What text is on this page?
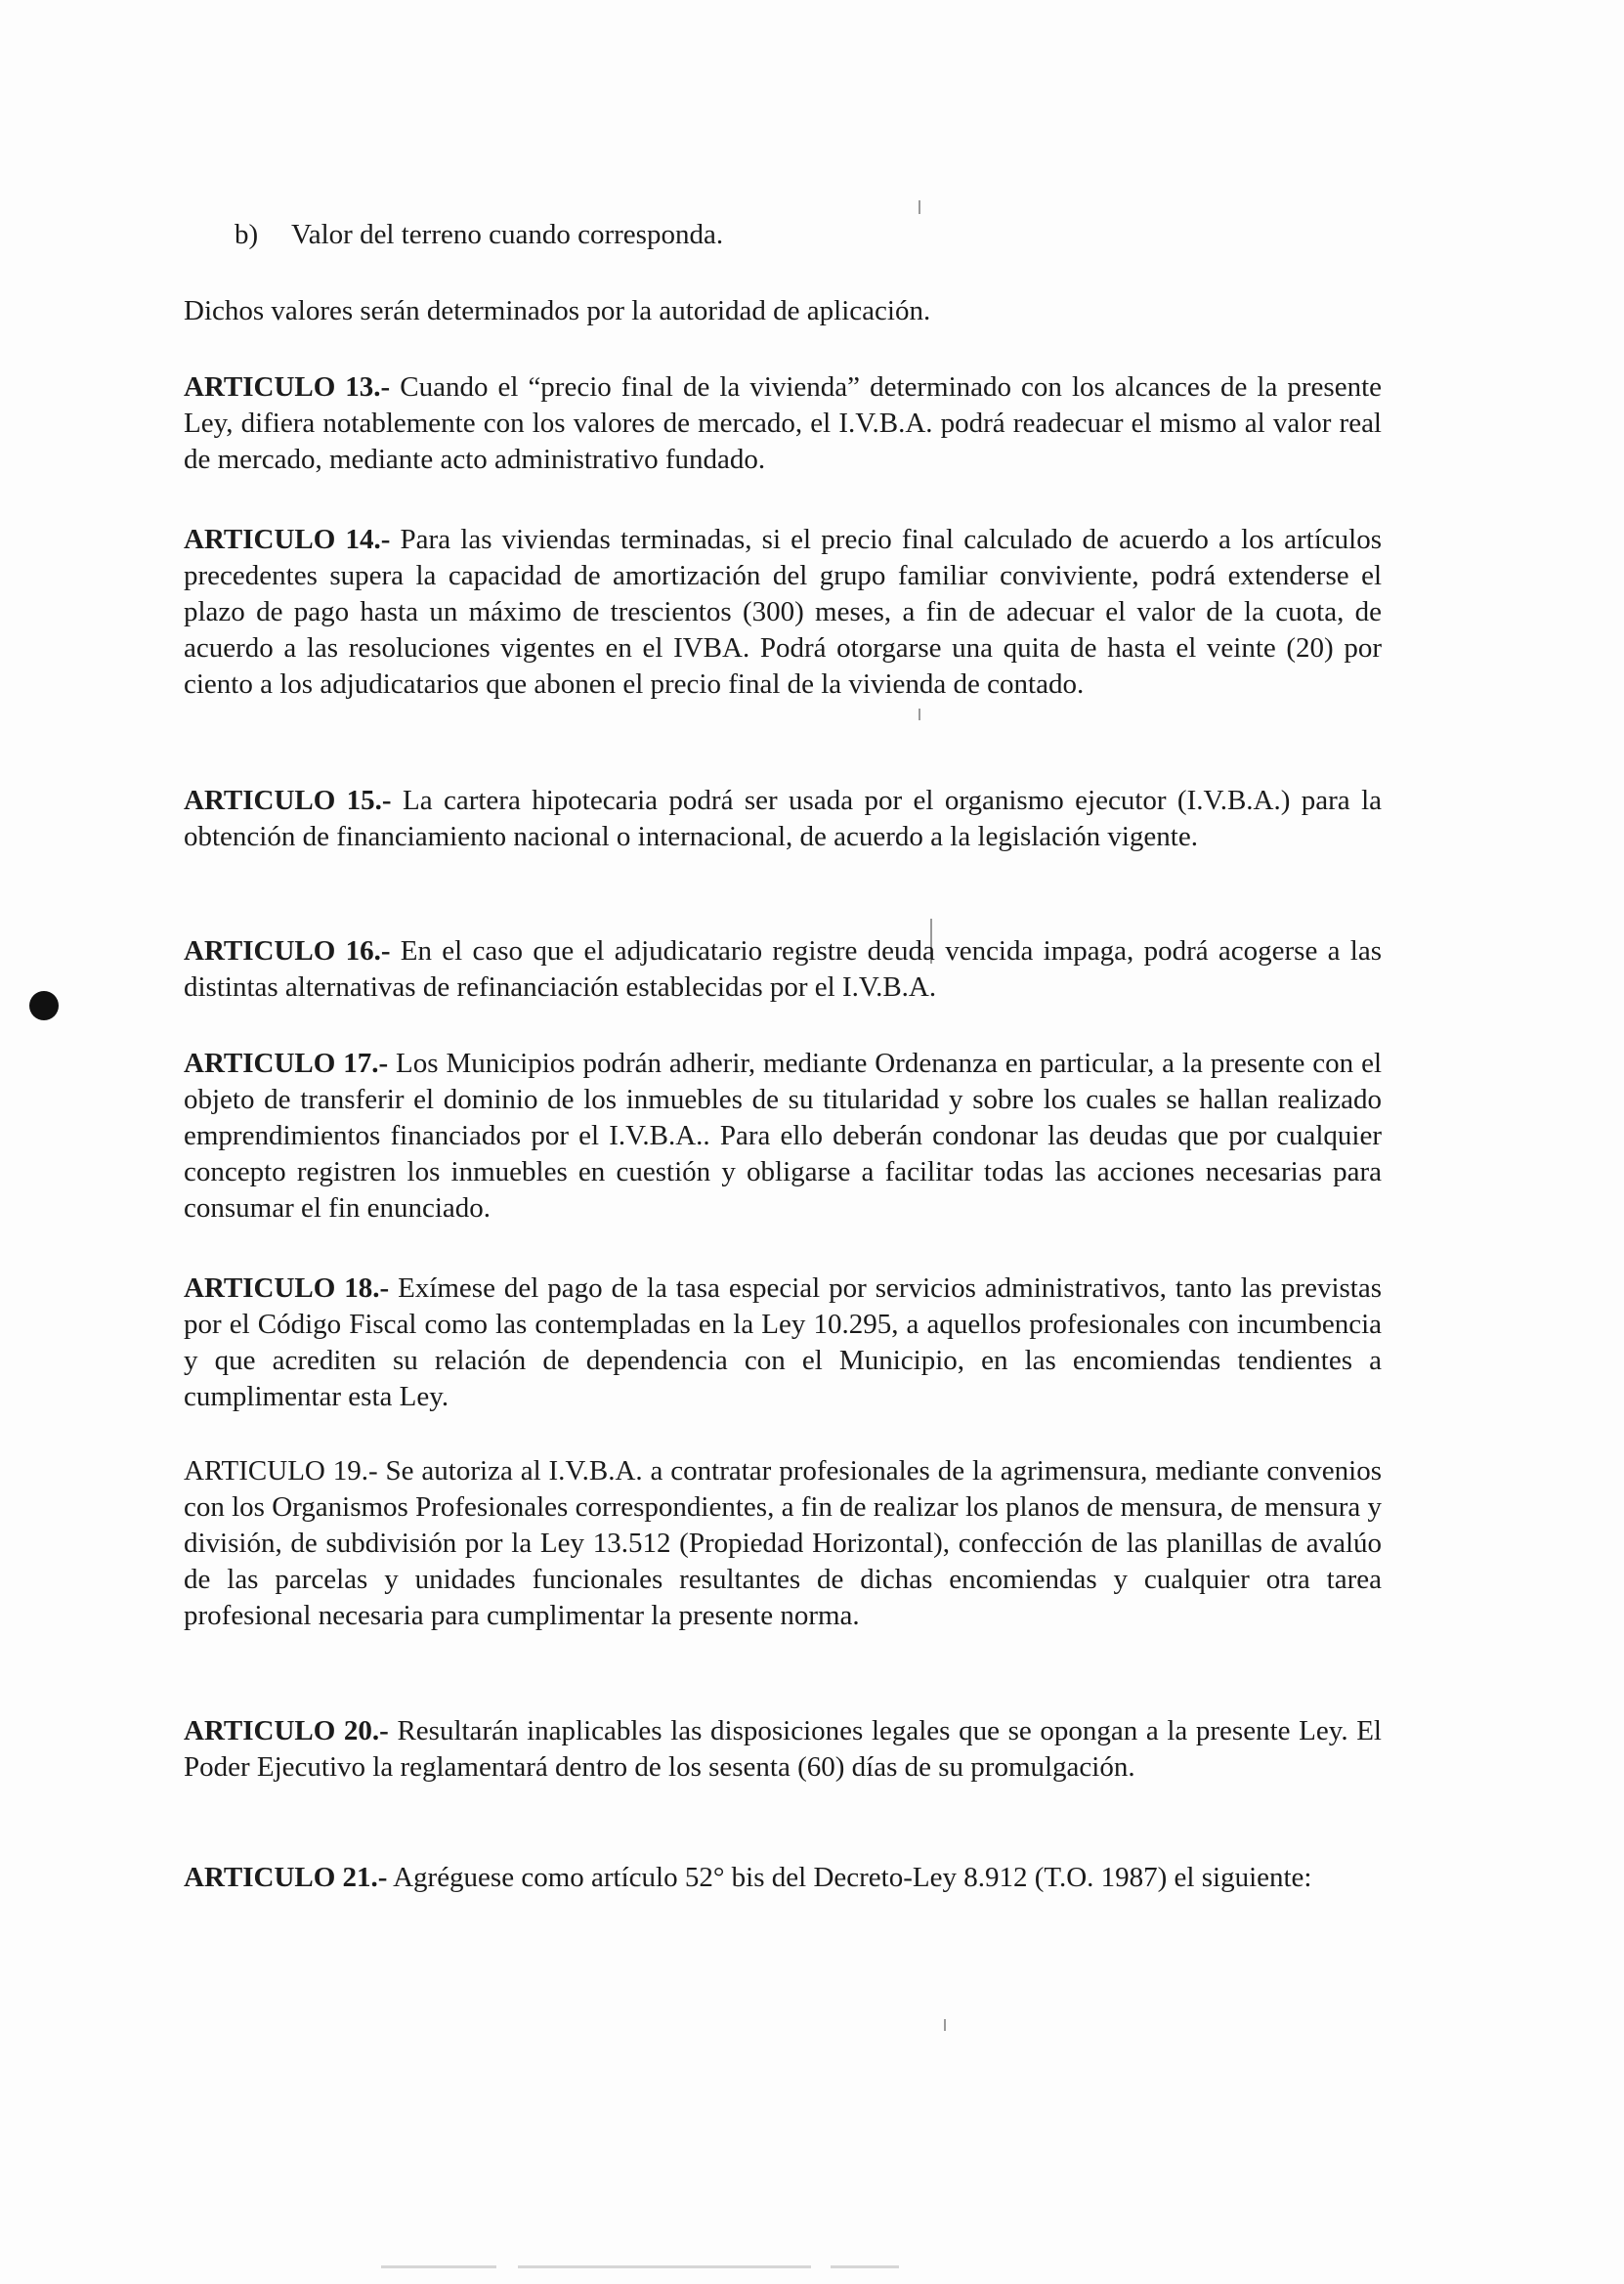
b) Valor del terreno cuando corresponda.
Dichos valores serán determinados por la autoridad de aplicación.
ARTICULO 13.- Cuando el “precio final de la vivienda” determinado con los alcances de la presente Ley, difiera notablemente con los valores de mercado, el I.V.B.A. podrá readecuar el mismo al valor real de mercado, mediante acto administrativo fundado.
ARTICULO 14.- Para las viviendas terminadas, si el precio final calculado de acuerdo a los artículos precedentes supera la capacidad de amortización del grupo familiar conviviente, podrá extenderse el plazo de pago hasta un máximo de trescientos (300) meses, a fin de adecuar el valor de la cuota, de acuerdo a las resoluciones vigentes en el IVBA. Podrá otorgarse una quita de hasta el veinte (20) por ciento a los adjudicatarios que abonen el precio final de la vivienda de contado.
ARTICULO 15.- La cartera hipotecaria podrá ser usada por el organismo ejecutor (I.V.B.A.) para la obtención de financiamiento nacional o internacional, de acuerdo a la legislación vigente.
ARTICULO 16.- En el caso que el adjudicatario registre deuda vencida impaga, podrá acogerse a las distintas alternativas de refinanciación establecidas por el I.V.B.A.
ARTICULO 17.- Los Municipios podrán adherir, mediante Ordenanza en particular, a la presente con el objeto de transferir el dominio de los inmuebles de su titularidad y sobre los cuales se hallan realizado emprendimientos financiados por el I.V.B.A.. Para ello deberán condonar las deudas que por cualquier concepto registren los inmuebles en cuestión y obligarse a facilitar todas las acciones necesarias para consumar el fin enunciado.
ARTICULO 18.- Exímese del pago de la tasa especial por servicios administrativos, tanto las previstas por el Código Fiscal como las contempladas en la Ley 10.295, a aquellos profesionales con incumbencia y que acrediten su relación de dependencia con el Municipio, en las encomiendas tendientes a cumplimentar esta Ley.
ARTICULO 19.- Se autoriza al I.V.B.A. a contratar profesionales de la agrimensura, mediante convenios con los Organismos Profesionales correspondientes, a fin de realizar los planos de mensura, de mensura y división, de subdivisión por la Ley 13.512 (Propiedad Horizontal), confección de las planillas de avalúo de las parcelas y unidades funcionales resultantes de dichas encomiendas y cualquier otra tarea profesional necesaria para cumplimentar la presente norma.
ARTICULO 20.- Resultarán inaplicables las disposiciones legales que se opongan a la presente Ley. El Poder Ejecutivo la reglamentará dentro de los sesenta (60) días de su promulgación.
ARTICULO 21.- Agréguese como artículo 52° bis del Decreto-Ley 8.912 (T.O. 1987) el siguiente:
